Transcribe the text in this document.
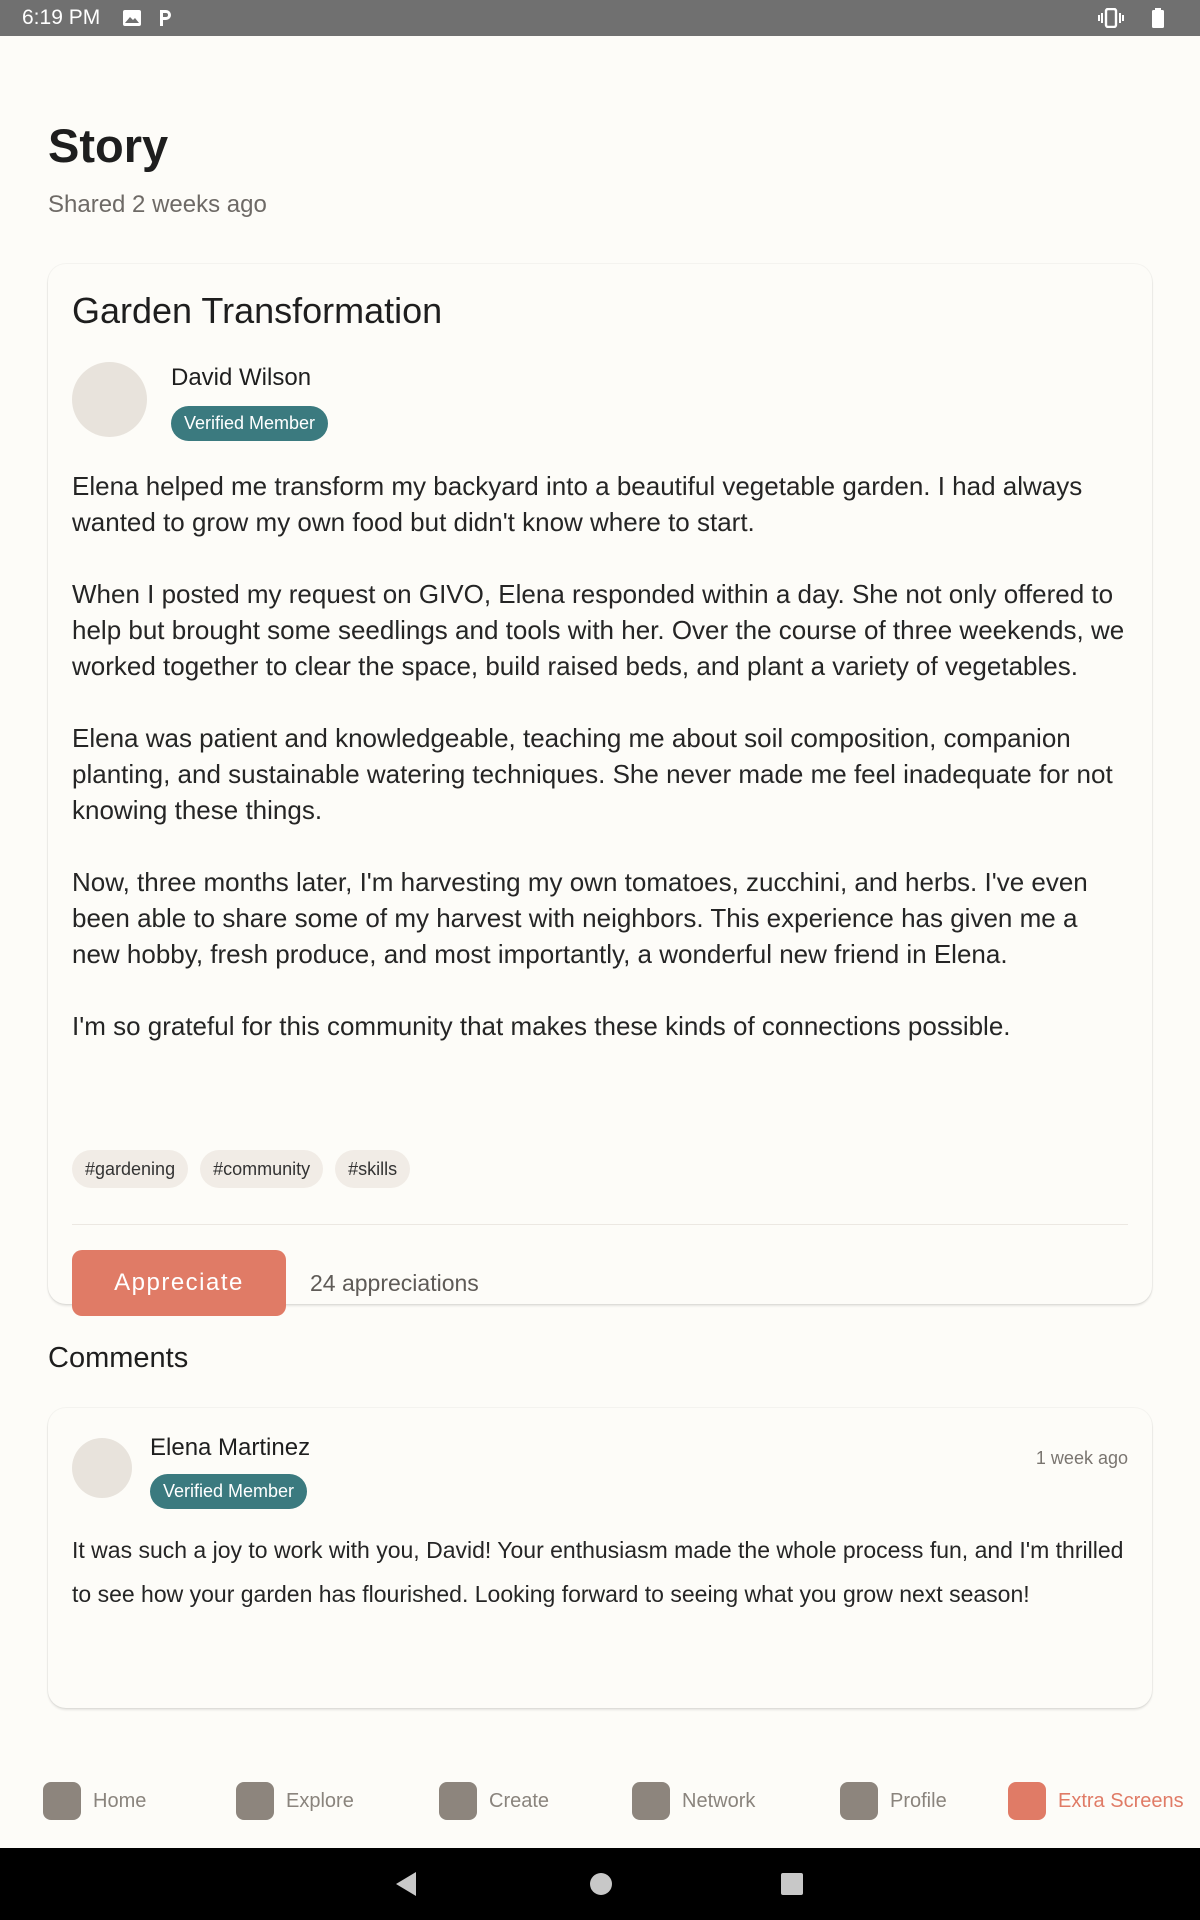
6:19 PM
Story
Shared 2 weeks ago
Garden Transformation
David Wilson
Verified Member

Elena helped me transform my backyard into a beautiful vegetable garden. I had always wanted to grow my own food but didn't know where to start.

When I posted my request on GIVO, Elena responded within a day. She not only offered to help but brought some seedlings and tools with her. Over the course of three weekends, we worked together to clear the space, build raised beds, and plant a variety of vegetables.

Elena was patient and knowledgeable, teaching me about soil composition, companion planting, and sustainable watering techniques. She never made me feel inadequate for not knowing these things.

Now, three months later, I'm harvesting my own tomatoes, zucchini, and herbs. I've even been able to share some of my harvest with neighbors. This experience has given me a new hobby, fresh produce, and most importantly, a wonderful new friend in Elena.

I'm so grateful for this community that makes these kinds of connections possible.

#gardening	#community	#skills
Appreciate	24 appreciations
Comments
Elena Martinez
Verified Member
1 week ago
It was such a joy to work with you, David! Your enthusiasm made the whole process fun, and I'm thrilled to see how your garden has flourished. Looking forward to seeing what you grow next season!
Home	Explore	Create	Network	Profile	Extra Screens
